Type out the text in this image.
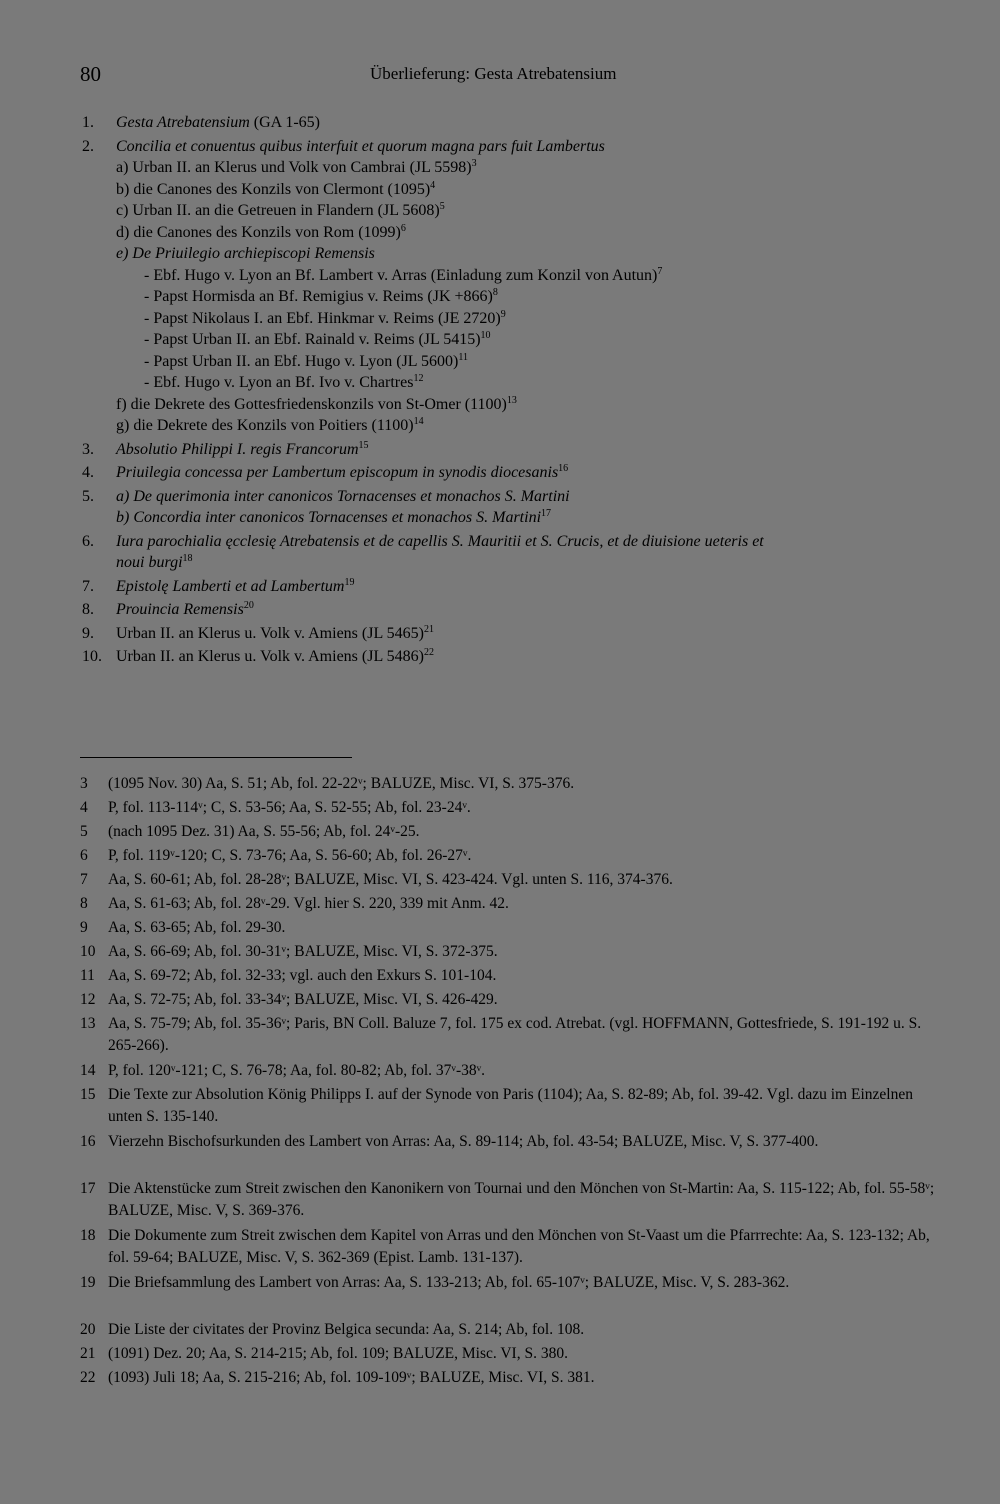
80	Überlieferung: Gesta Atrebatensium
1.	Gesta Atrebatensium (GA 1-65)
2.	Concilia et conuentus quibus interfuit et quorum magna pars fuit Lambertus
a) Urban II. an Klerus und Volk von Cambrai (JL 5598)$^3$
b) die Canones des Konzils von Clermont $(1095)^4$
c) Urban II. an die Getreuen in Flandern (JL 5608)$^5$
d) die Canones des Konzils von Rom $(1099)^6$
e) De Priuilegio archiepiscopi Remensis
- Ebf. Hugo v. Lyon an Bf. Lambert v. Arras (Einladung zum Konzil von Autun)$^7$
- Papst Hormisda an Bf. Remigius v. Reims (JK +866)$^8$
- Papst Nikolaus I. an Ebf. Hinkmar v. Reims (JE 2720)$^9$
- Papst Urban II. an Ebf. Rainald v. Reims (JL 5415)$^{10}$
- Papst Urban II. an Ebf. Hugo v. Lyon (JL 5600)$^{11}$
- Ebf. Hugo v. Lyon an Bf. Ivo v. Chartres$^{12}$
f) die Dekrete des Gottesfriedenskonzils von St-Omer $(1100)^{13}$
g) die Dekrete des Konzils von Poitiers $(1100)^{14}$
3.	Absolutio Philippi I. regis Francorum$^{15}$
4.	Priuilegia concessa per Lambertum episcopum in synodis diocesanis$^{16}$
5.	a) De querimonia inter canonicos Tornacenses et monachos S. Martini
b) Concordia inter canonicos Tornacenses et monachos S. Martini$^{17}$
6.	Iura parochialia ęcclesię Atrebatensis et de capellis S. Mauritii et S. Crucis, et de diuisione ueteris et
noui burgi$^{18}$
7.	Epistolę Lamberti et ad Lambertum$^{19}$
8.	Prouincia Remensis$^{20}$
9.	Urban II. an Klerus u. Volk v. Amiens (JL 5465)$^{21}$
10. Urban II. an Klerus u. Volk v. Amiens (JL 5486)$^{22}$
3	(1095 Nov. 30) Aa, S. 51; Ab, fol. 22-22ᵛ; BALUZE, Misc. VI, S. 375-376.
4	P, fol. 113-114ᵛ; C, S. 53-56; Aa, S. 52-55; Ab, fol. 23-24ᵛ.
5	(nach 1095 Dez. 31) Aa, S. 55-56; Ab, fol. 24ᵛ-25.
6	P, fol. 119ᵛ-120; C, S. 73-76; Aa, S. 56-60; Ab, fol. 26-27ᵛ.
7	Aa, S. 60-61; Ab, fol. 28-28ᵛ; BALUZE, Misc. VI, S. 423-424. Vgl. unten S. 116, 374-376.
8	Aa, S. 61-63; Ab, fol. 28ᵛ-29. Vgl. hier S. 220, 339 mit Anm. 42.
9	Aa, S. 63-65; Ab, fol. 29-30.
10 Aa, S. 66-69; Ab, fol. 30-31ᵛ; BALUZE, Misc. VI, S. 372-375.
11 Aa, S. 69-72; Ab, fol. 32-33; vgl. auch den Exkurs S. 101-104.
12 Aa, S. 72-75; Ab, fol. 33-34ᵛ; BALUZE, Misc. VI, S. 426-429.
13 Aa, S. 75-79; Ab, fol. 35-36ᵛ; Paris, BN Coll. Baluze 7, fol. 175 ex cod. Atrebat. (vgl. HOFFMANN, Gottesfriede, S. 191-192 u. S. 265-266).
14 P, fol. 120ᵛ-121; C, S. 76-78; Aa, fol. 80-82; Ab, fol. 37ᵛ-38ᵛ.
15 Die Texte zur Absolution König Philipps I. auf der Synode von Paris (1104); Aa, S. 82-89; Ab, fol. 39-42. Vgl. dazu im Einzelnen unten S. 135-140.
16 Vierzehn Bischofsurkunden des Lambert von Arras: Aa, S. 89-114; Ab, fol. 43-54; BALUZE, Misc. V, S. 377-400.
17 Die Aktenstücke zum Streit zwischen den Kanonikern von Tournai und den Mönchen von St-Martin: Aa, S. 115-122; Ab, fol. 55-58ᵛ; BALUZE, Misc. V, S. 369-376.
18 Die Dokumente zum Streit zwischen dem Kapitel von Arras und den Mönchen von St-Vaast um die Pfarrrechte: Aa, S. 123-132; Ab, fol. 59-64; BALUZE, Misc. V, S. 362-369 (Epist. Lamb. 131-137).
19 Die Briefsammlung des Lambert von Arras: Aa, S. 133-213; Ab, fol. 65-107ᵛ; BALUZE, Misc. V, S. 283-362.
20 Die Liste der civitates der Provinz Belgica secunda: Aa, S. 214; Ab, fol. 108.
21 (1091) Dez. 20; Aa, S. 214-215; Ab, fol. 109; BALUZE, Misc. VI, S. 380.
22 (1093) Juli 18; Aa, S. 215-216; Ab, fol. 109-109ᵛ; BALUZE, Misc. VI, S. 381.
